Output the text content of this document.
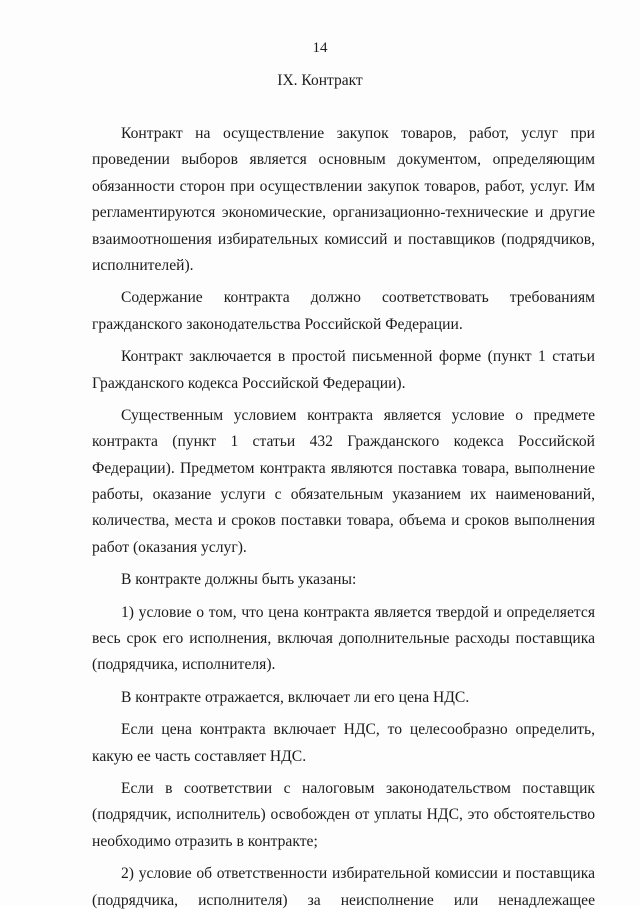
14
IX. Контракт
Контракт на осуществление закупок товаров, работ, услуг при
проведении выборов является основным документом, определяющим
обязанности сторон при осуществлении закупок товаров, работ, услуг. Им
регламентируются экономические, организационно-технические и другие
взаимоотношения избирательных комиссий и поставщиков (подрядчиков,
исполнителей).
Содержание контракта должно соответствовать требованиям
гражданского законодательства Российской Федерации.
Контракт заключается в простой письменной форме (пункт 1 статьи
Гражданского кодекса Российской Федерации).
Существенным условием контракта является условие о предмете
контракта (пункт 1 статьи 432 Гражданского кодекса Российской
Федерации). Предметом контракта являются поставка товара, выполнение
работы, оказание услуги с обязательным указанием их наименований,
количества, места и сроков поставки товара, объема и сроков выполнения
работ (оказания услуг).
В контракте должны быть указаны:
1) условие о том, что цена контракта является твердой и определяется
весь срок его исполнения, включая дополнительные расходы поставщика
(подрядчика, исполнителя).
В контракте отражается, включает ли его цена НДС.
Если цена контракта включает НДС, то целесообразно определить,
какую ее часть составляет НДС.
Если в соответствии с налоговым законодательством поставщик
(подрядчик, исполнитель) освобожден от уплаты НДС, это обстоятельство
необходимо отразить в контракте;
2) условие об ответственности избирательной комиссии и поставщика
(подрядчика, исполнителя) за неисполнение или ненадлежащее
